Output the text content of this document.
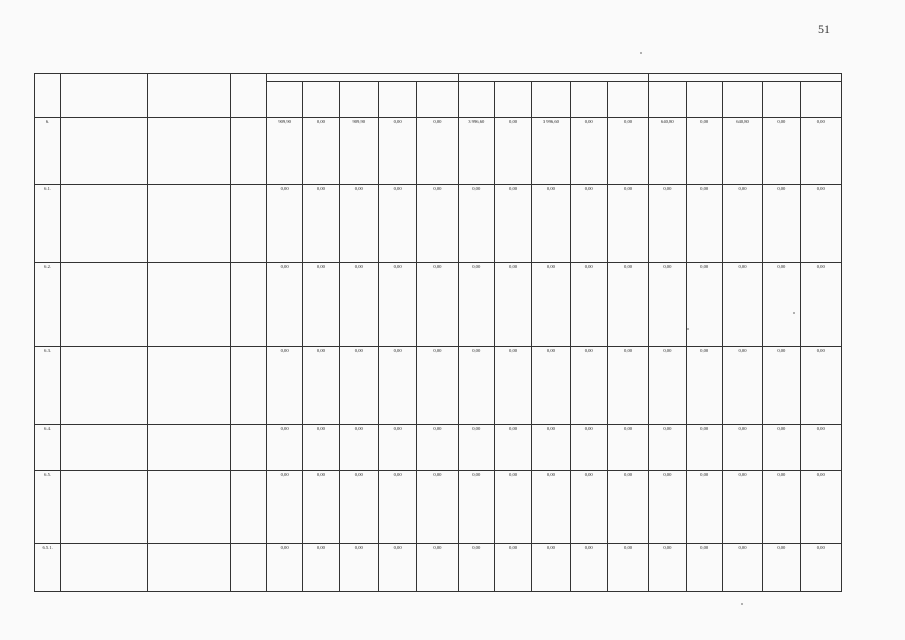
51

6.				909,90	0,00	909,90	0,00	0,00	3 996,60	0,00	3 996,60	0,00	0,00	640,80	0,00	640,80	0,00	0,00
6.1.				0,00	0,00	0,00	0,00	0,00	0,00	0,00	0,00	0,00	0,00	0,00	0,00	0,00	0,00	0,00
6.2.				0,00	0,00	0,00	0,00	0,00	0,00	0,00	0,00	0,00	0,00	0,00	0,00	0,00	0,00	0,00
6.3.				0,00	0,00	0,00	0,00	0,00	0,00	0,00	0,00	0,00	0,00	0,00	0,00	0,00	0,00	0,00
6.4.				0,00	0,00	0,00	0,00	0,00	0,00	0,00	0,00	0,00	0,00	0,00	0,00	0,00	0,00	0,00
6.5.				0,00	0,00	0,00	0,00	0,00	0,00	0,00	0,00	0,00	0,00	0,00	0,00	0,00	0,00	0,00
6.5.1.				0,00	0,00	0,00	0,00	0,00	0,00	0,00	0,00	0,00	0,00	0,00	0,00	0,00	0,00	0,00
